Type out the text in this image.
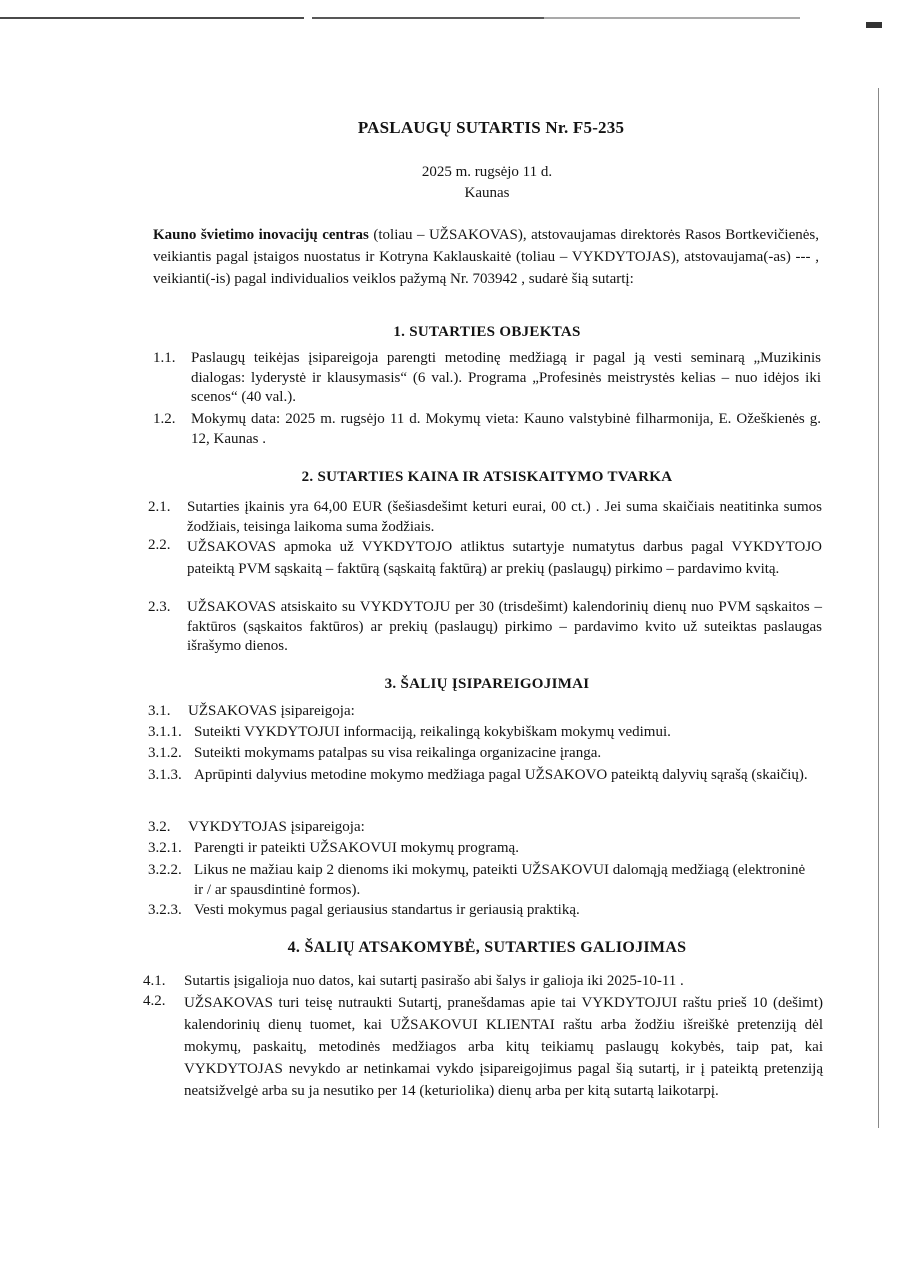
PASLAUGŲ SUTARTIS Nr. F5-235
2025 m. rugsėjo 11 d.
Kaunas
Kauno švietimo inovacijų centras (toliau – UŽSAKOVAS), atstovaujamas direktorės Rasos Bortkevičienės, veikiantis pagal įstaigos nuostatus ir Kotryna Kaklauskaitė (toliau – VYKDYTOJAS), atstovaujama(-as) --- , veikianti(-is) pagal individualios veiklos pažymą Nr. 703942 , sudarė šią sutartį:
1. SUTARTIES OBJEKTAS
1.1. Paslaugų teikėjas įsipareigoja parengti metodinę medžiagą ir pagal ją vesti seminarą „Muzikinis dialogas: lyderystė ir klausymasis“ (6 val.). Programa „Profesinės meistrystės kelias – nuo idėjos iki scenos“ (40 val.).
1.2. Mokymų data: 2025 m. rugsėjo 11 d. Mokymų vieta: Kauno valstybinė filharmonija, E. Ožeškienės g. 12, Kaunas .
2. SUTARTIES KAINA IR ATSISKAITYMO TVARKA
2.1. Sutarties įkainis yra 64,00 EUR (šešiasdešimt keturi eurai, 00 ct.) . Jei suma skaičiais neatitinka sumos žodžiais, teisinga laikoma suma žodžiais.
2.2. UŽSAKOVAS apmoka už VYKDYTOJO atliktus sutartyje numatytus darbus pagal VYKDYTOJO pateiktą PVM sąskaitą – faktūrą (sąskaitą faktūrą) ar prekių (paslaugų) pirkimo – pardavimo kvitą.
2.3. UŽSAKOVAS atsiskaito su VYKDYTOJU per 30 (trisdešimt) kalendorinių dienų nuo PVM sąskaitos – faktūros (sąskaitos faktūros) ar prekių (paslaugų) pirkimo – pardavimo kvito už suteiktas paslaugas išrašymo dienos.
3. ŠALIŲ ĮSIPAREIGOJIMAI
3.1. UŽSAKOVAS įsipareigoja:
3.1.1. Suteikti VYKDYTOJUI informaciją, reikalingą kokybiškam mokymų vedimui.
3.1.2. Suteikti mokymams patalpas su visa reikalinga organizacine įranga.
3.1.3. Aprūpinti dalyvius metodine mokymo medžiaga pagal UŽSAKOVO pateiktą dalyvių sąrašą (skaičių).
3.2. VYKDYTOJAS įsipareigoja:
3.2.1. Parengti ir pateikti UŽSAKOVUI mokymų programą.
3.2.2. Likus ne mažiau kaip 2 dienoms iki mokymų, pateikti UŽSAKOVUI dalomąją medžiagą (elektroninė ir / ar spausdintinė formos).
3.2.3. Vesti mokymus pagal geriausius standartus ir geriausią praktiką.
4. ŠALIŲ ATSAKOMYBĖ, SUTARTIES GALIOJIMAS
4.1. Sutartis įsigalioja nuo datos, kai sutartį pasirašo abi šalys ir galioja iki 2025-10-11 .
4.2. UŽSAKOVAS turi teisę nutraukti Sutartį, pranešdamas apie tai VYKDYTOJUI raštu prieš 10 (dešimt) kalendorinių dienų tuomet, kai UŽSAKOVUI KLIENTAI raštu arba žodžiu išreiškė pretenziją dėl mokymų, paskaitų, metodinės medžiagos arba kitų teikiamų paslaugų kokybės, taip pat, kai VYKDYTOJAS nevykdo ar netinkamai vykdo įsipareigojimus pagal šią sutartį, ir į pateiktą pretenziją neatsižvelgė arba su ja nesutiko per 14 (keturiolika) dienų arba per kitą sutartą laikotarpį.
